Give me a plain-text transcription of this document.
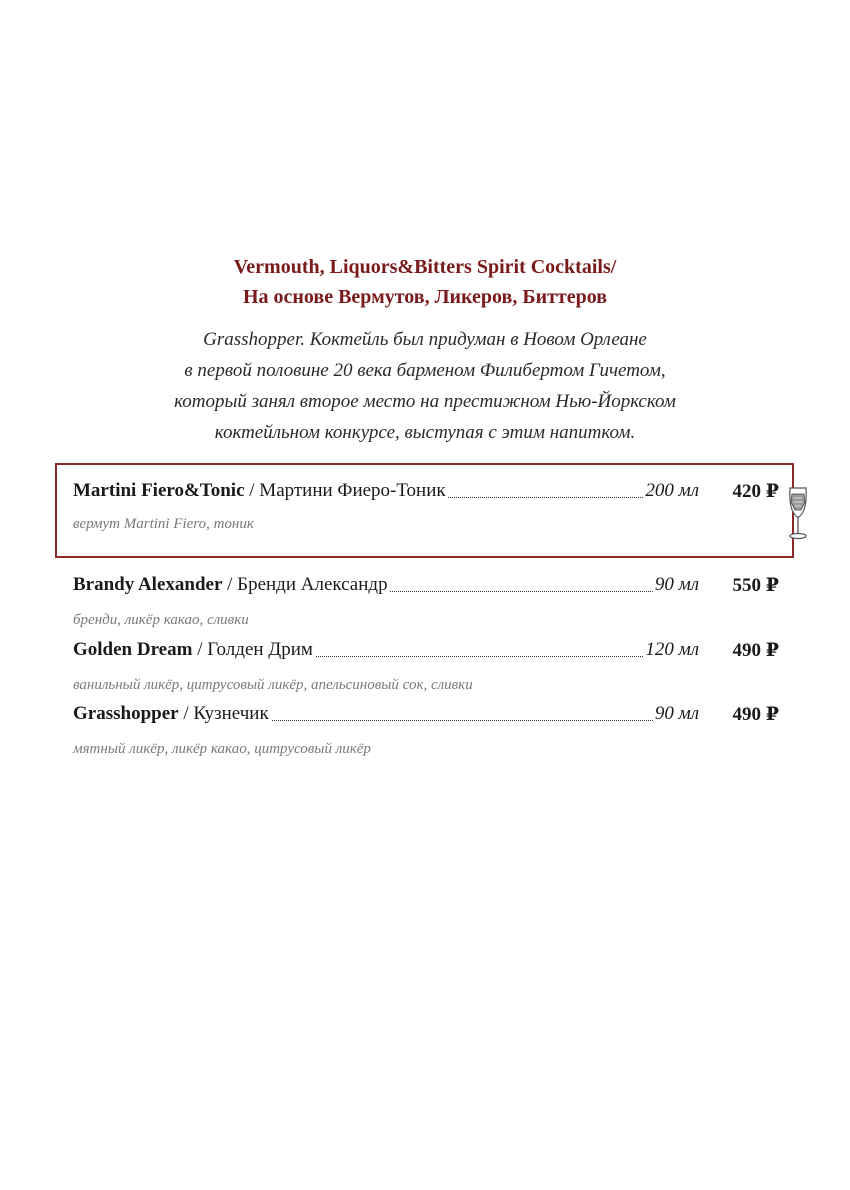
Vermouth, Liquors&Bitters Spirit Cocktails/
На основе Вермутов, Ликеров, Биттеров
Grasshopper. Коктейль был придуман в Новом Орлеане
в первой половине 20 века барменом Филибертом Гичетом,
который занял второе место на престижном Нью-Йоркском
коктейльном конкурсе, выступая с этим напитком.
Martini Fiero&Tonic / Мартини Фиеро-Тоник	200 мл 420 ₽
вермут Martini Fiero, тоник
Brandy Alexander / Бренди Александр	90 мл 550 ₽
бренди, ликёр какао, сливки
Golden Dream / Голден Дрим	120 мл 490 ₽
ванильный ликёр, цитрусовый ликёр, апельсиновый сок, сливки
Grasshopper / Кузнечик	90 мл 490 ₽
мятный ликёр, ликёр какао, цитрусовый ликёр
